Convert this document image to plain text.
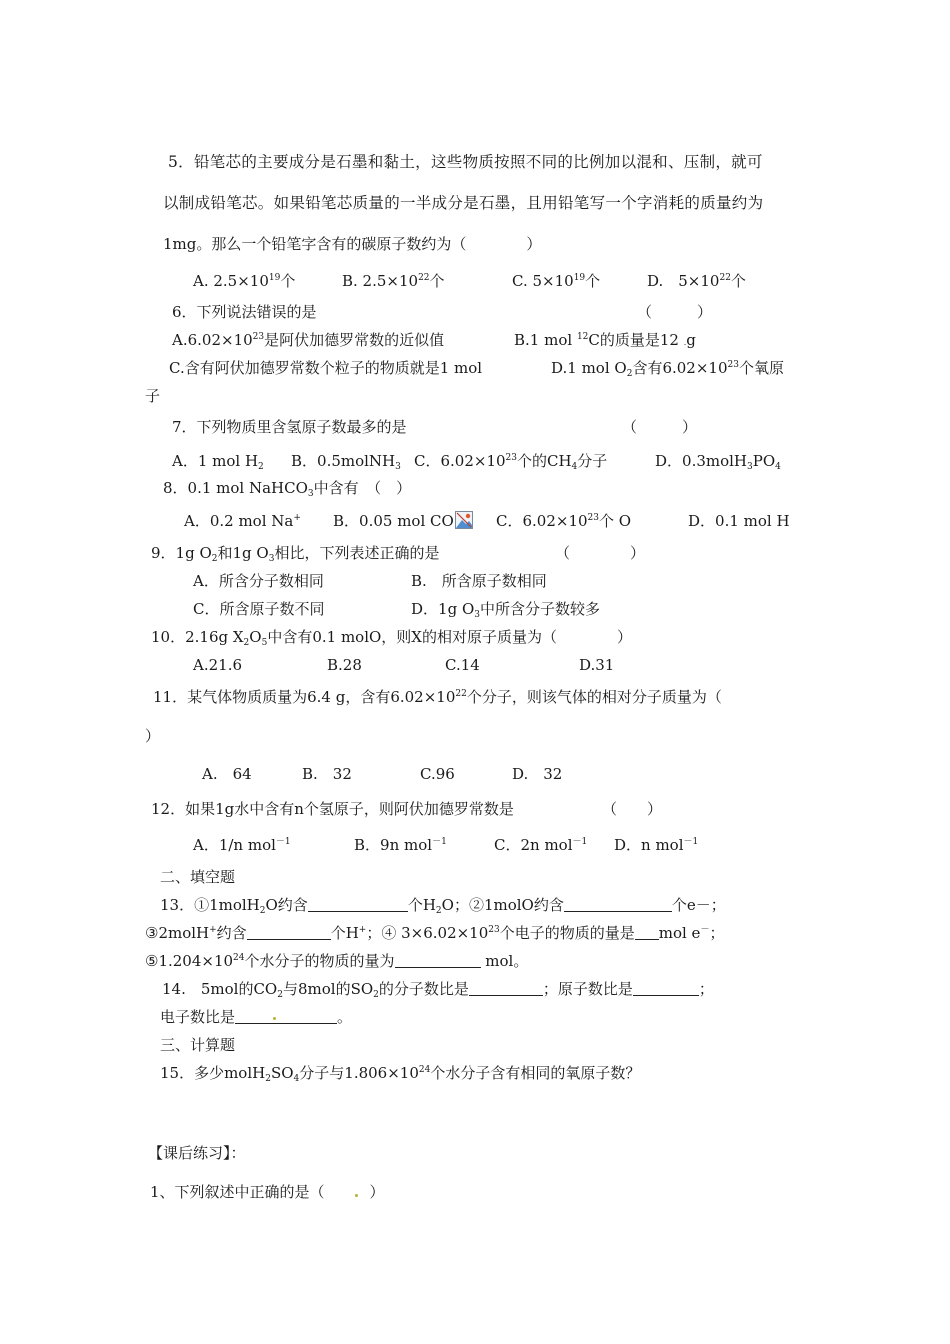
5．铅笔芯的主要成分是石墨和黏土，这些物质按照不同的比例加以混和、压制，就可
以制成铅笔芯。如果铅笔芯质量的一半成分是石墨，且用铅笔写一个字消耗的质量约为
1mg。那么一个铅笔字含有的碳原子数约为（　　　　）
A. $2.5\times 10^{19}$个	B. $2.5\times 10^{22}$个	C. $5\times 10^{19}$个	D.　$5\times 10^{22}$个
6．下列说法错误的是	（　　　）
$A.6.02\times 10^{23}$是阿伏加德罗常数的近似值	B.1 mol $^{12}$C的质量是12 .g
C.含有阿伏加德罗常数个粒子的物质就是1 mol	D.1 mol $O_2$含有$6.02\times 10^{23}$个氧原
子
7．下列物质里含氢原子数最多的是	（　　　）
A．1 mol $H_2$ B．0.5molNH$_3$ C．$6.02\times 10^{23}$个的$CH_4$分子	D．$0.3molH_3PO_4$
8．0.1 mol NaHCO$_3$中含有　（　）
A．0.2 mol Na+ B．0.05 mol CO	C．$6.02\times 10^{23}$个 O	D．0.1 mol H
9．1g $O_2$和1g $O_3$相比，下列表述正确的是	（　　　　）
A．所含分子数相同	B.　所含原子数相同
C．所含原子数不同	D．1g $O_3$中所含分子数较多
10．2.16g $X_2O_5$中含有0.1 molO，则X的相对原子质量为（　　　　）
A.21.6	B.28	C.14	D.31
11．某气体物质质量为6.4 g，含有$6.02\times 10^{22}$个分子，则该气体的相对分子质量为（
）
A.　64	B.　32	C.96	D.　32
12．如果1g水中含有n个氢原子，则阿伏加德罗常数是	（　　）
A．1/n mol$^{-1}$	B．9n mol$^{-1}$	C．2n mol$^{-1}$ D．n mol$^{-1}$
二、填空题
13．①1molH$_2$O约含	个$H_2O$；②1molO约含	个e－；
③2molH+约含	个H+；④ $3\times 6.02\times 10^{23}$个电子的物质的量是 mol e－；
$⑤1.204\times 10^{24}$个水分子的物质的量为	mol。
14.　5mol的$CO_2$与8mol的$SO_2$的分子数比是	；原子数比是	；
电子数比是	。
三、计算题
15．多少$molH_2SO_4$分子与$1.806\times 10^{24}$个水分子含有相同的氧原子数？
【课后练习】：
1、下列叙述中正确的是（	）
